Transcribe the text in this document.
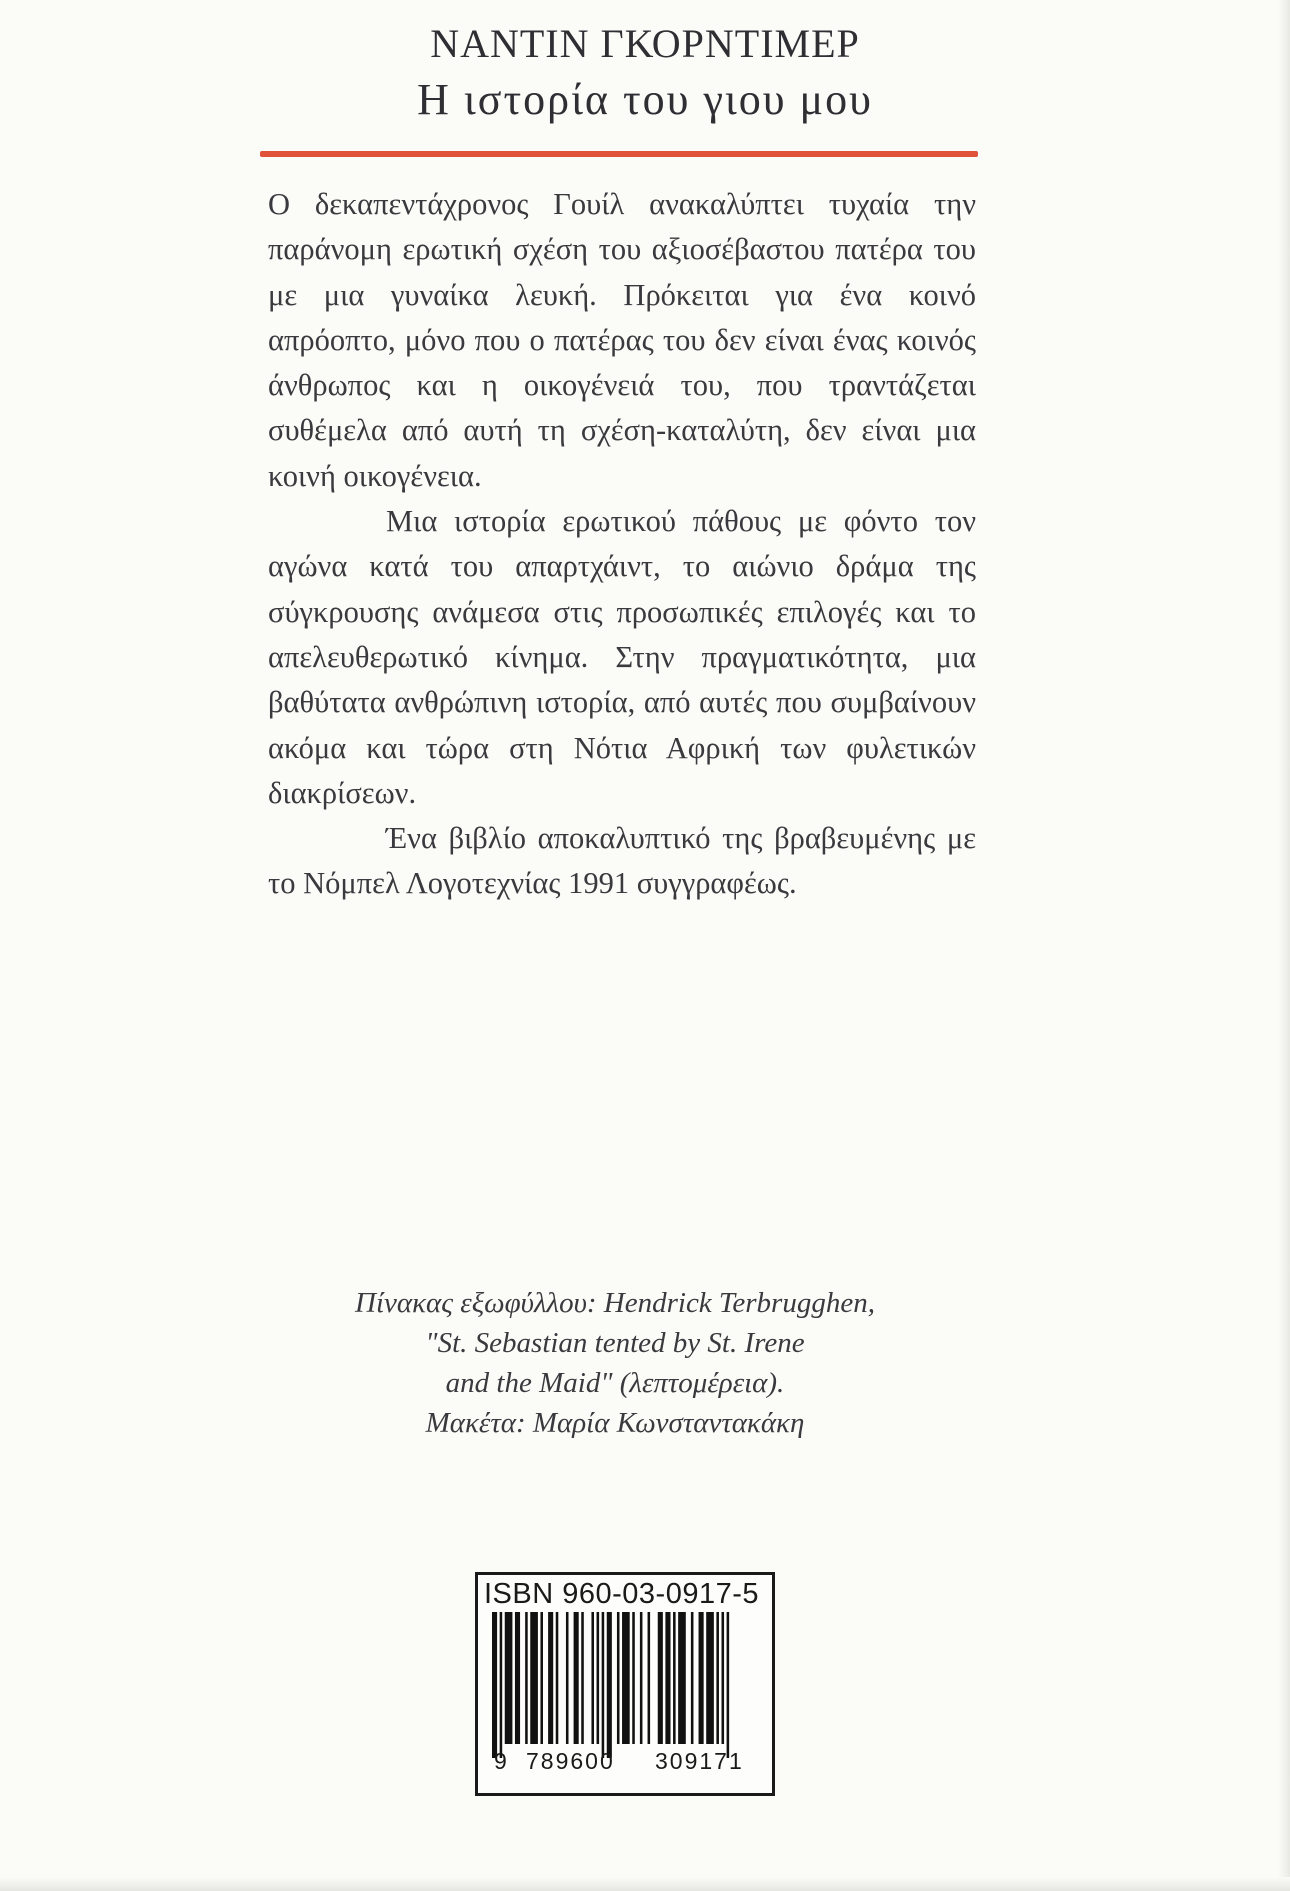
ΝΑΝΤΙΝ ΓΚΟΡΝΤΙΜΕΡ
Η ιστορία του γιου μου

Ο δεκαπεντάχρονος Γουίλ ανακαλύπτει τυχαία την παράνομη ερωτική σχέση του αξιοσέβαστου πατέρα του με μια γυναίκα λευκή. Πρόκειται για ένα κοινό απρόοπτο, μόνο που ο πατέρας του δεν είναι ένας κοινός άνθρωπος και η οικογένειά του, που τραντάζεται συθέμελα από αυτή τη σχέση-καταλύτη, δεν είναι μια κοινή οικογένεια.

Μια ιστορία ερωτικού πάθους με φόντο τον αγώνα κατά του απαρτχάιντ, το αιώνιο δράμα της σύγκρουσης ανάμεσα στις προσωπικές επιλογές και το απελευθερωτικό κίνημα. Στην πραγματικότητα, μια βαθύτατα ανθρώπινη ιστορία, από αυτές που συμβαίνουν ακόμα και τώρα στη Νότια Αφρική των φυλετικών διακρίσεων.

Ένα βιβλίο αποκαλυπτικό της βραβευμένης με το Νόμπελ Λογοτεχνίας 1991 συγγραφέως.

Πίνακας εξωφύλλου: Hendrick Terbrugghen,
"St. Sebastian tented by St. Irene
and the Maid" (λεπτομέρεια).
Μακέτα: Μαρία Κωνσταντακάκη
ISBN 960-03-0917-5
9 789600 309171
